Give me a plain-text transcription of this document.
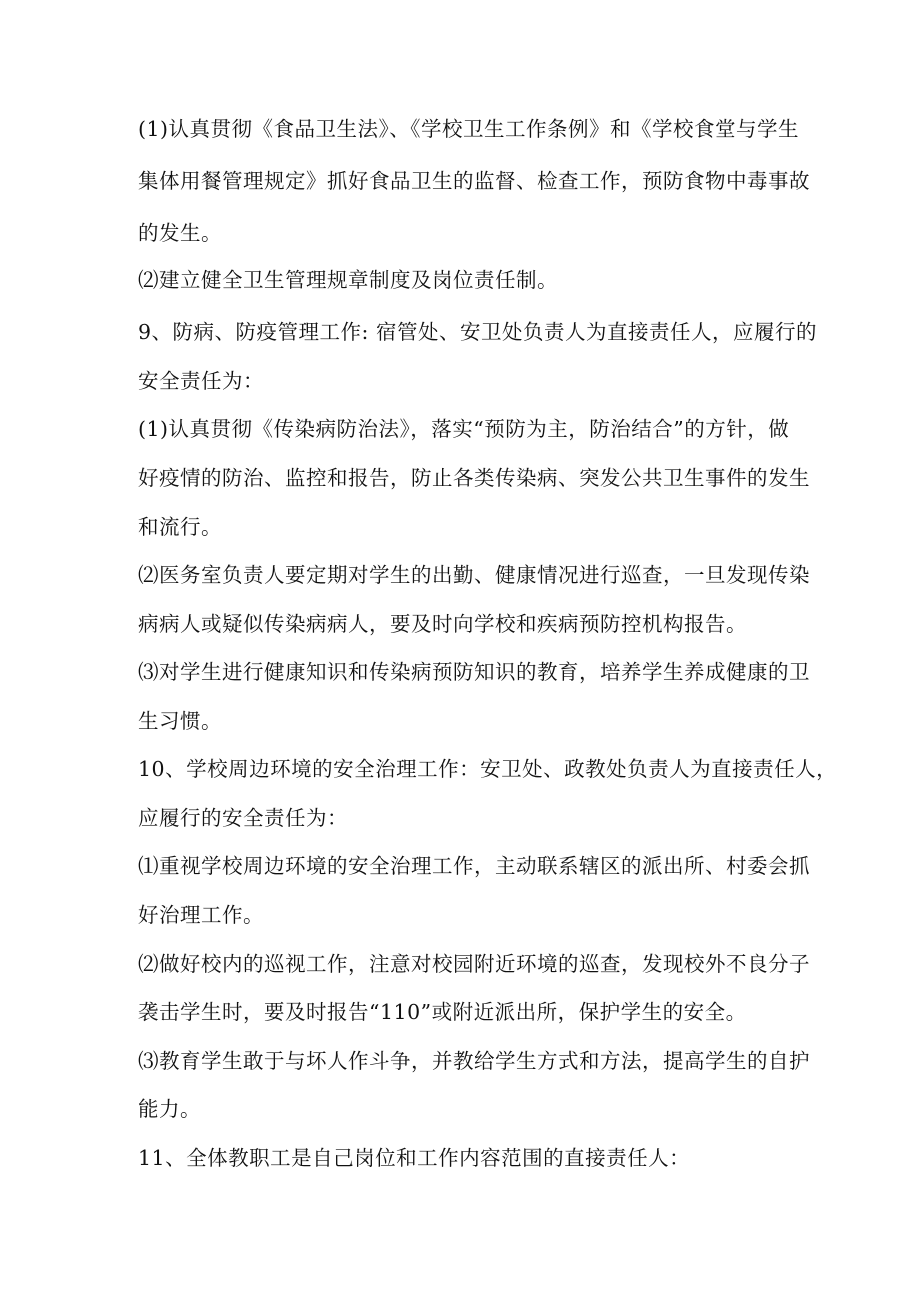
(1)认真贯彻《食品卫生法》、《学校卫生工作条例》和《学校食堂与学生
集体用餐管理规定》抓好食品卫生的监督、检查工作，预防食物中毒事故
的发生。
⑵建立健全卫生管理规章制度及岗位责任制。
9、防病、防疫管理工作: 宿管处、安卫处负责人为直接责任人，应履行的
安全责任为：
(1)认真贯彻《传染病防治法》，落实“预防为主，防治结合”的方针，做
好疫情的防治、监控和报告，防止各类传染病、突发公共卫生事件的发生
和流行。
⑵医务室负责人要定期对学生的出勤、健康情况进行巡查，一旦发现传染
病病人或疑似传染病病人，要及时向学校和疾病预防控机构报告。
⑶对学生进行健康知识和传染病预防知识的教育，培养学生养成健康的卫
生习惯。
10、学校周边环境的安全治理工作：安卫处、政教处负责人为直接责任人，
应履行的安全责任为：
⑴重视学校周边环境的安全治理工作，主动联系辖区的派出所、村委会抓
好治理工作。
⑵做好校内的巡视工作，注意对校园附近环境的巡查，发现校外不良分子
袭击学生时，要及时报告“110”或附近派出所，保护学生的安全。
⑶教育学生敢于与坏人作斗争，并教给学生方式和方法，提高学生的自护
能力。
11、全体教职工是自己岗位和工作内容范围的直接责任人：
